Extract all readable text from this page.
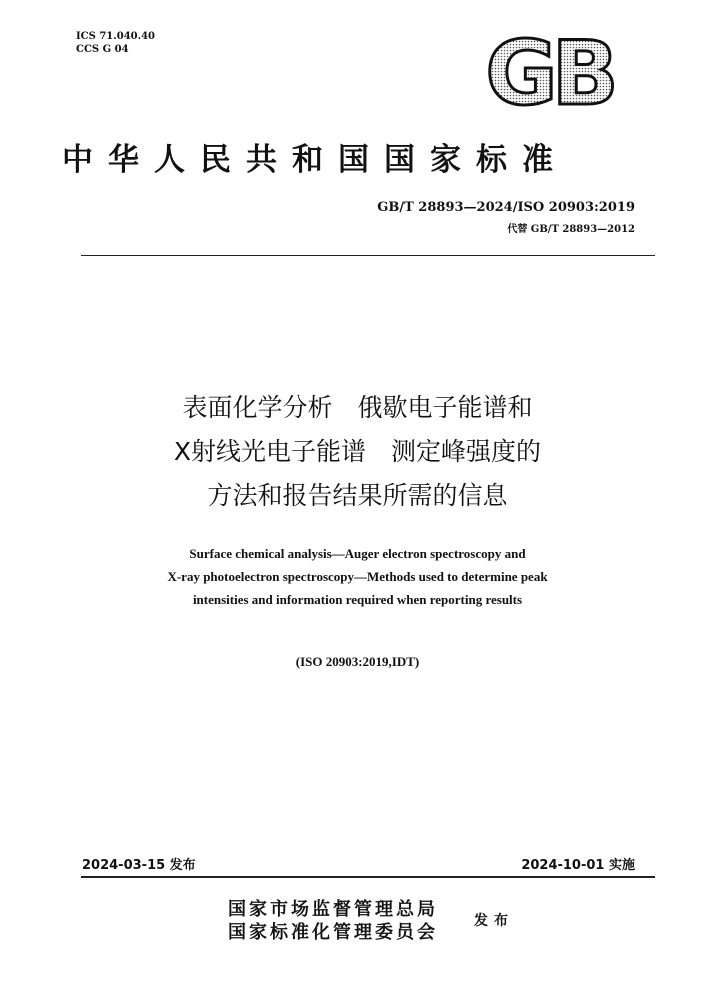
ICS 71.040.40
CCS G 04	GB
中华人民共和国国家标准
GB/T 28893—2024/ISO 20903:2019
代替 GB/T 28893—2012
表面化学分析　俄歇电子能谱和
X射线光电子能谱　测定峰强度的
方法和报告结果所需的信息
Surface chemical analysis—Auger electron spectroscopy and
X-ray photoelectron spectroscopy—Methods used to determine peak
intensities and information required when reporting results
(ISO 20903:2019,IDT)
2024-03-15 发布	2024-10-01 实施
国家市场监督管理总局
国家标准化管理委员会
发布
